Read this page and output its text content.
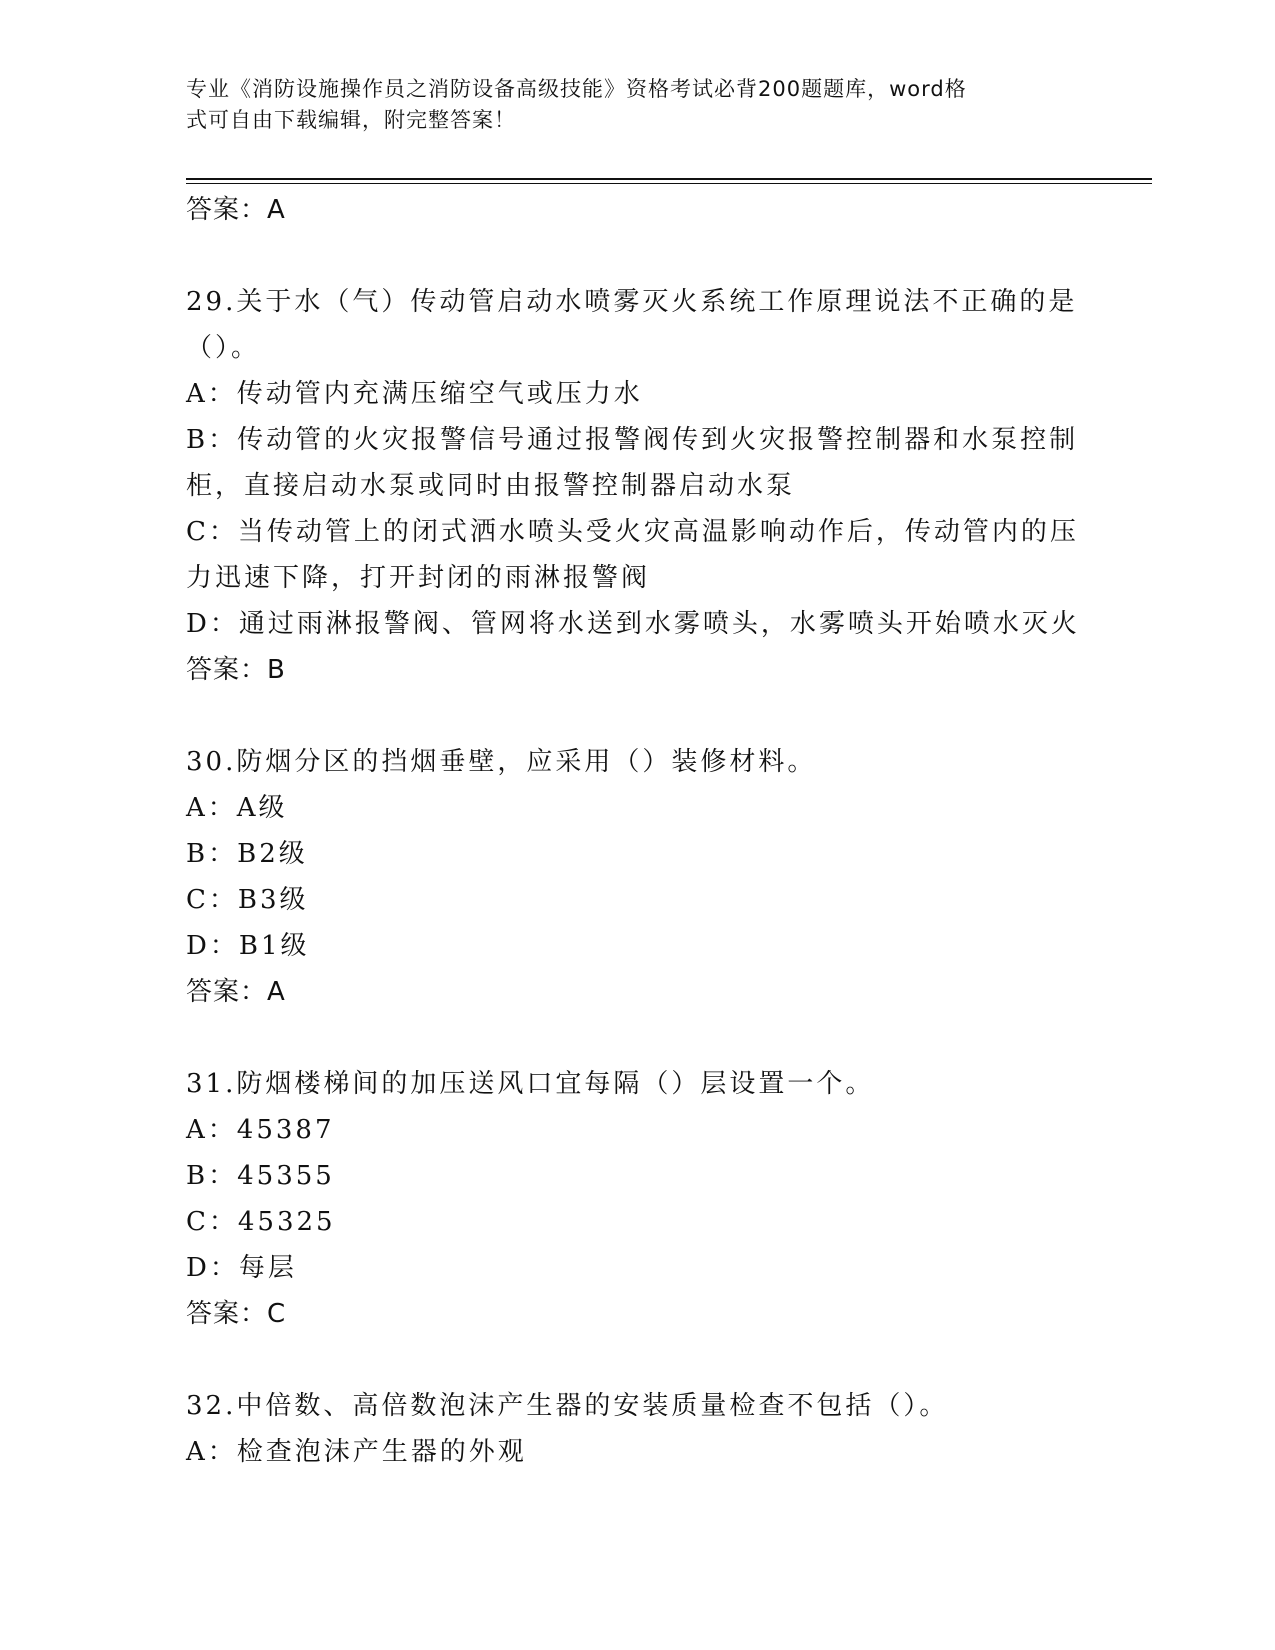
专业《消防设施操作员之消防设备高级技能》资格考试必背200题题库，word格
式可自由下载编辑，附完整答案！
答案：A
29.关于水（气）传动管启动水喷雾灭火系统工作原理说法不正确的是
（）。
A：传动管内充满压缩空气或压力水
B：传动管的火灾报警信号通过报警阀传到火灾报警控制器和水泵控制
柜，直接启动水泵或同时由报警控制器启动水泵
C：当传动管上的闭式洒水喷头受火灾高温影响动作后，传动管内的压
力迅速下降，打开封闭的雨淋报警阀
D：通过雨淋报警阀、管网将水送到水雾喷头，水雾喷头开始喷水灭火
答案：B
30.防烟分区的挡烟垂壁，应采用（）装修材料。
A：A级
B：B2级
C：B3级
D：B1级
答案：A
31.防烟楼梯间的加压送风口宜每隔（）层设置一个。
A：45387
B：45355
C：45325
D：每层
答案：C
32.中倍数、高倍数泡沫产生器的安装质量检查不包括（）。
A：检查泡沫产生器的外观
